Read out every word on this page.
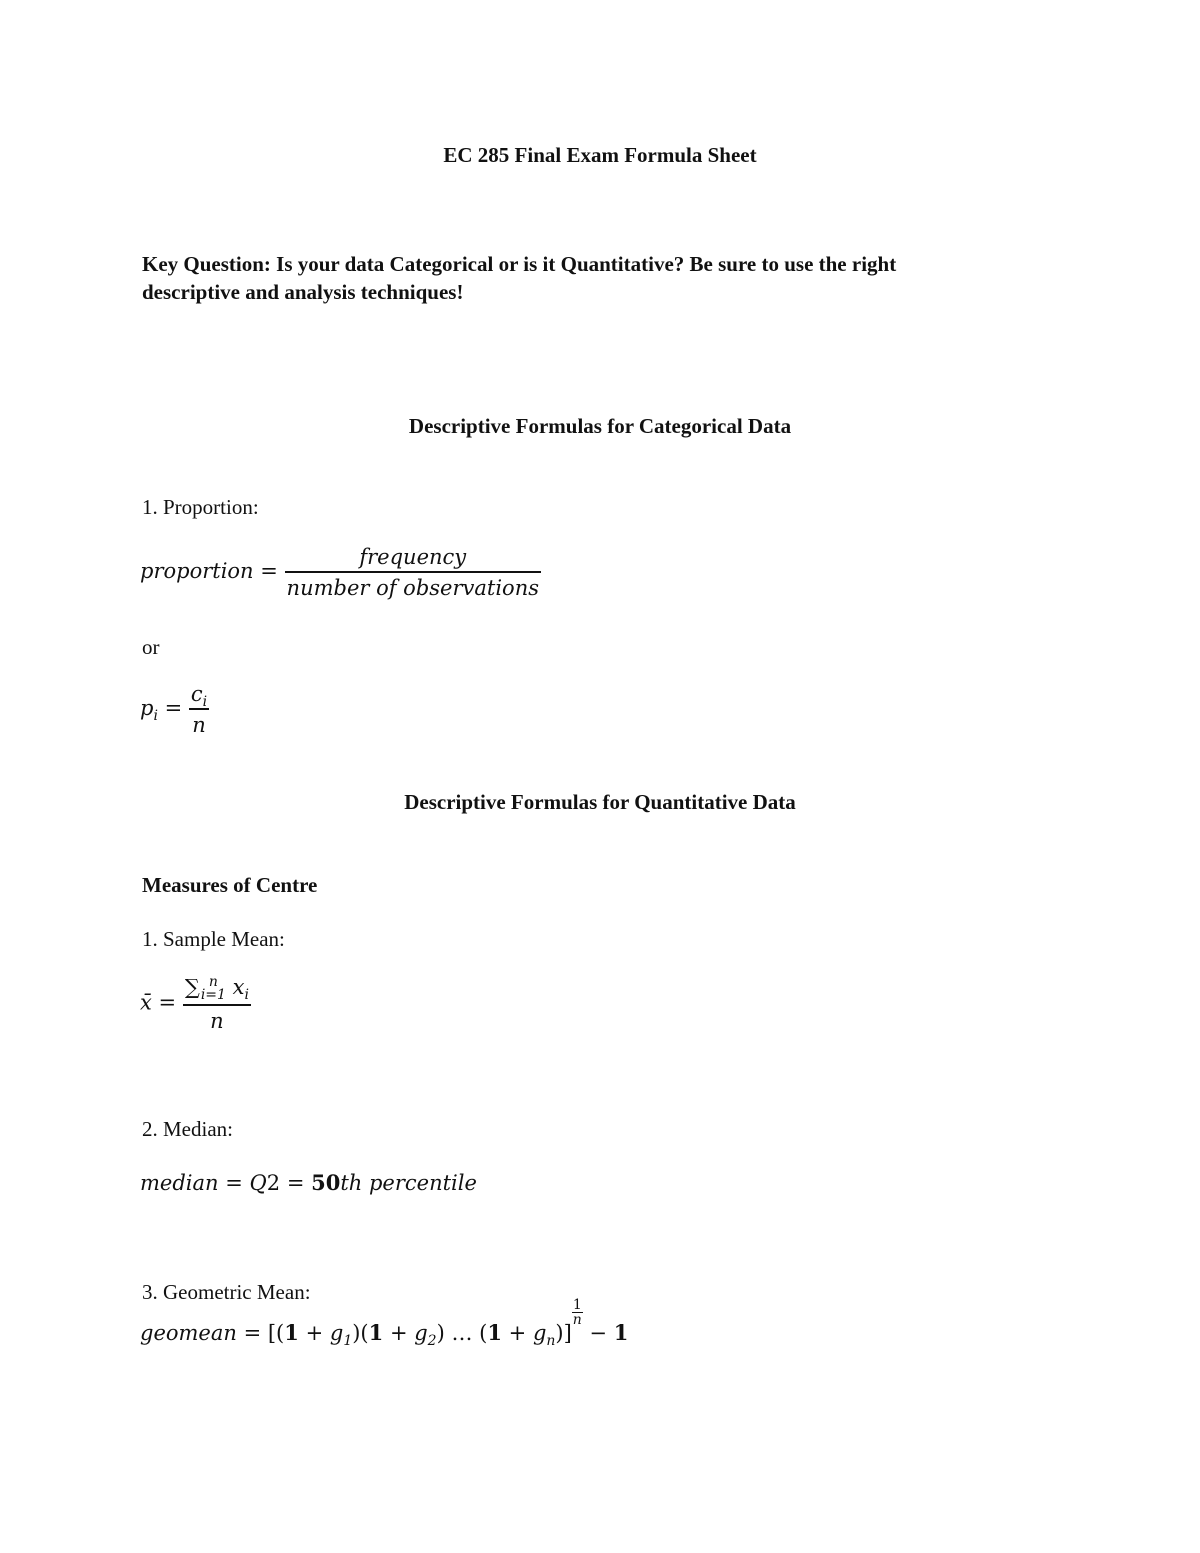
EC 285 Final Exam Formula Sheet
Key Question: Is your data Categorical or is it Quantitative? Be sure to use the right
descriptive and analysis techniques!
Descriptive Formulas for Categorical Data
1. Proportion:
proportion = $\frac{\text{frequency}}{\text{number of observations}}$
or
$p_i = \frac{c_i}{n}$
Descriptive Formulas for Quantitative Data
Measures of Centre
1. Sample Mean:
x̄ = ∑ n
i=1 $x_i$
n
2. Median:
median = Q2 = 50th percentile
3. Geometric Mean:
geomean = [$(1 + g_1)(1 + g_2)$ … $(1 + g_n)$]
$\frac{1}{n}$
− 1
